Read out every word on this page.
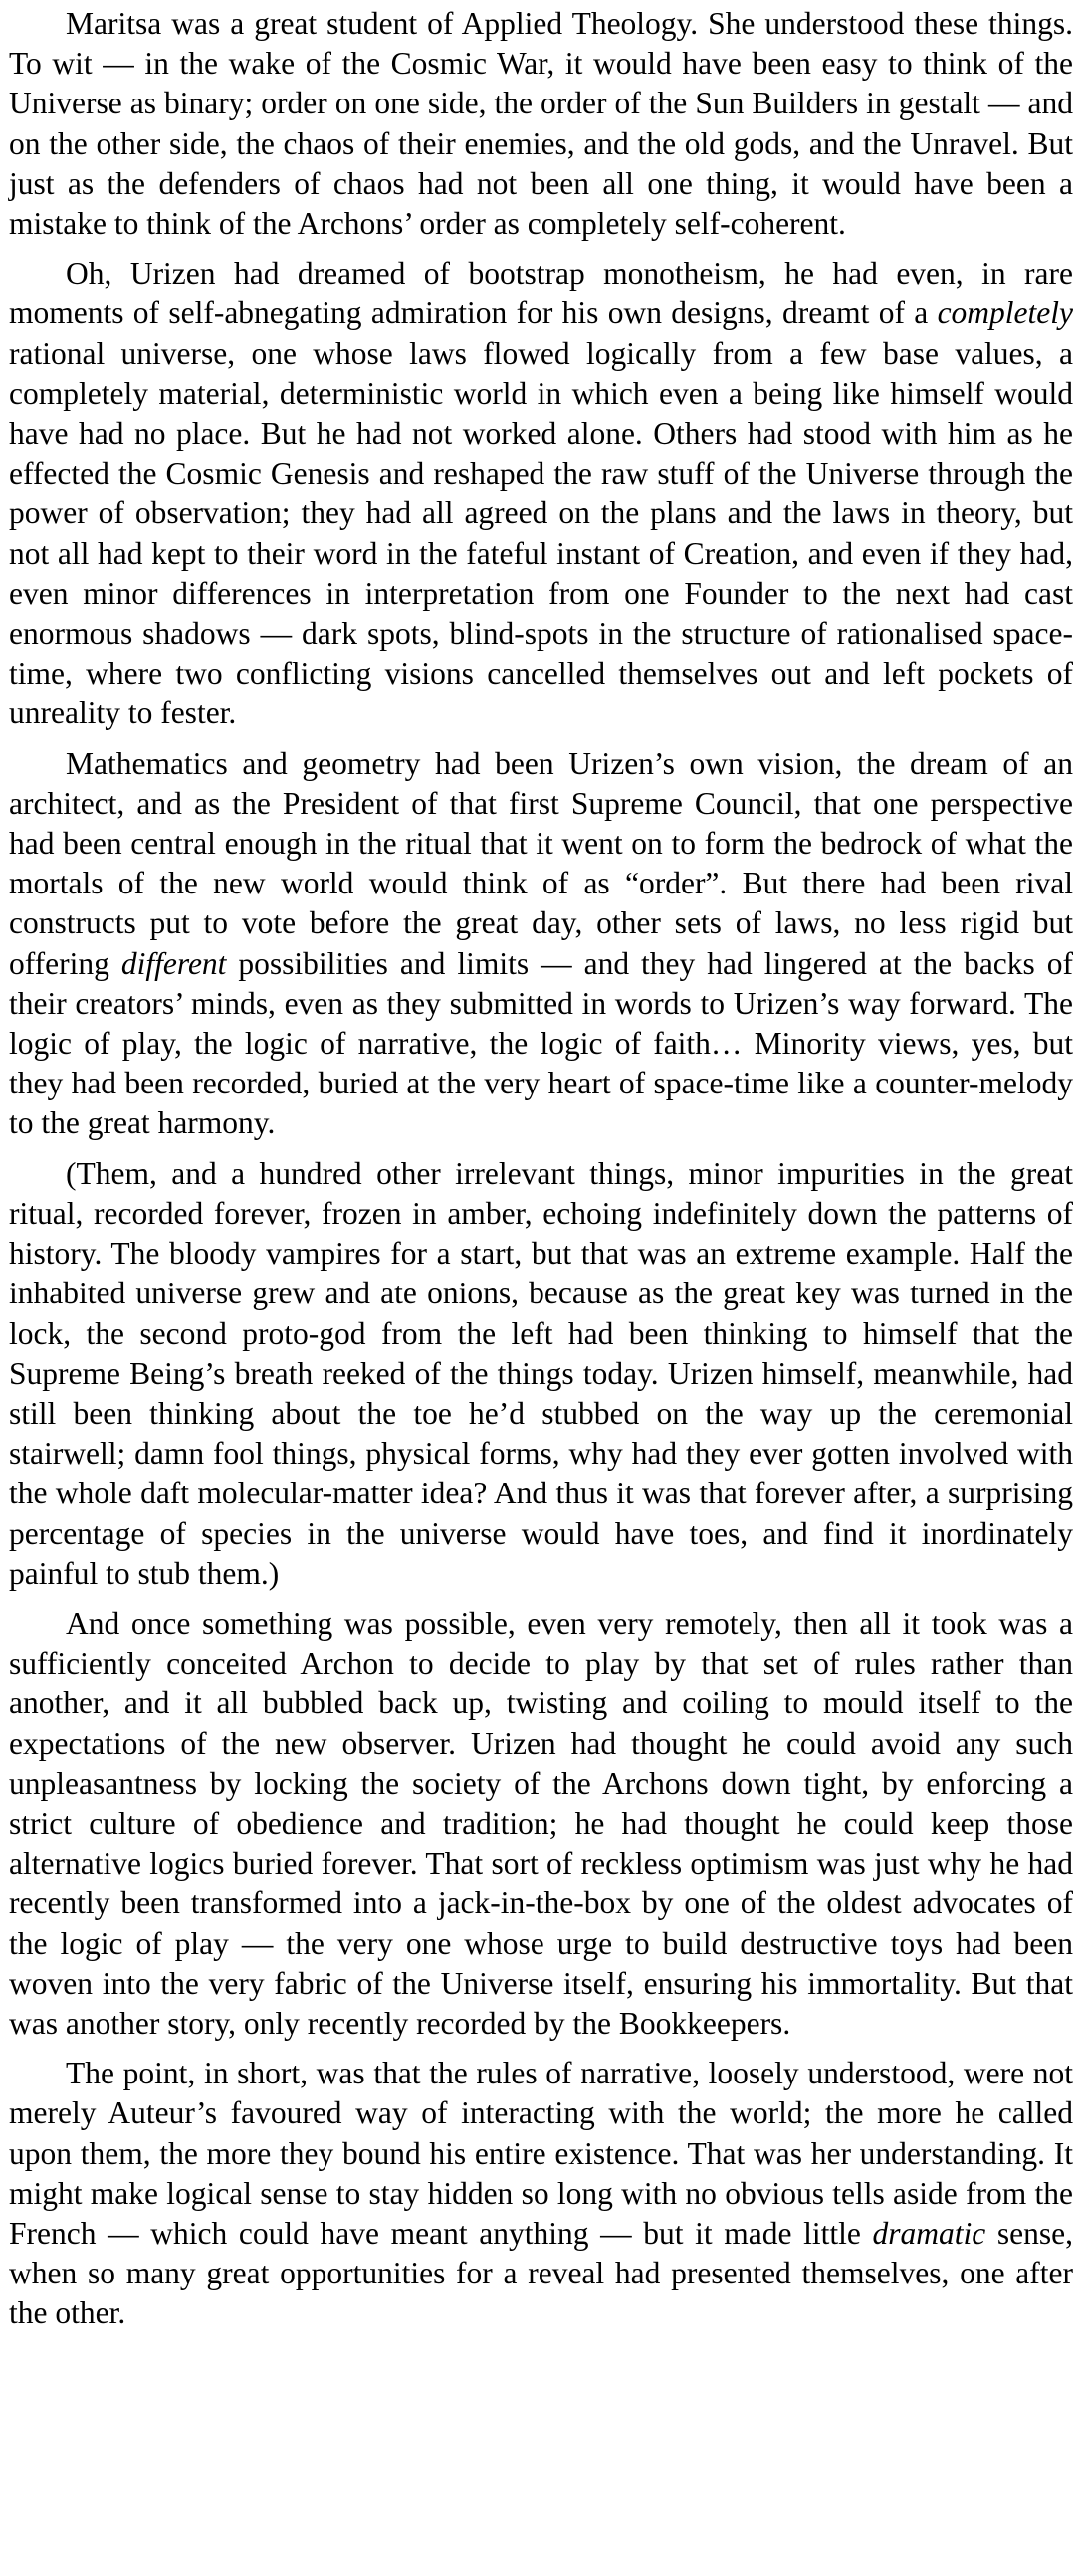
Maritsa was a great student of Applied Theology. She understood these things. To wit — in the wake of the Cosmic War, it would have been easy to think of the Universe as binary; order on one side, the order of the Sun Builders in gestalt — and on the other side, the chaos of their enemies, and the old gods, and the Unravel. But just as the defenders of chaos had not been all one thing, it would have been a mistake to think of the Archons’ order as completely self-coherent.

Oh, Urizen had dreamed of bootstrap monotheism, he had even, in rare moments of self-abnegating admiration for his own designs, dreamt of a completely rational universe, one whose laws flowed logically from a few base values, a completely material, deterministic world in which even a being like himself would have had no place. But he had not worked alone. Others had stood with him as he effected the Cosmic Genesis and reshaped the raw stuff of the Universe through the power of observation; they had all agreed on the plans and the laws in theory, but not all had kept to their word in the fateful instant of Creation, and even if they had, even minor differences in interpretation from one Founder to the next had cast enormous shadows — dark spots, blind-spots in the structure of rationalised space-time, where two conflicting visions cancelled themselves out and left pockets of unreality to fester.

Mathematics and geometry had been Urizen’s own vision, the dream of an architect, and as the President of that first Supreme Council, that one perspective had been central enough in the ritual that it went on to form the bedrock of what the mortals of the new world would think of as “order”. But there had been rival constructs put to vote before the great day, other sets of laws, no less rigid but offering different possibilities and limits — and they had lingered at the backs of their creators’ minds, even as they submitted in words to Urizen’s way forward. The logic of play, the logic of narrative, the logic of faith… Minority views, yes, but they had been recorded, buried at the very heart of space-time like a counter-melody to the great harmony.

(Them, and a hundred other irrelevant things, minor impurities in the great ritual, recorded forever, frozen in amber, echoing indefinitely down the patterns of history. The bloody vampires for a start, but that was an extreme example. Half the inhabited universe grew and ate onions, because as the great key was turned in the lock, the second proto-god from the left had been thinking to himself that the Supreme Being’s breath reeked of the things today. Urizen himself, meanwhile, had still been thinking about the toe he’d stubbed on the way up the ceremonial stairwell; damn fool things, physical forms, why had they ever gotten involved with the whole daft molecular-matter idea? And thus it was that forever after, a surprising percentage of species in the universe would have toes, and find it inordinately painful to stub them.)

And once something was possible, even very remotely, then all it took was a sufficiently conceited Archon to decide to play by that set of rules rather than another, and it all bubbled back up, twisting and coiling to mould itself to the expectations of the new observer. Urizen had thought he could avoid any such unpleasantness by locking the society of the Archons down tight, by enforcing a strict culture of obedience and tradition; he had thought he could keep those alternative logics buried forever. That sort of reckless optimism was just why he had recently been transformed into a jack-in-the-box by one of the oldest advocates of the logic of play — the very one whose urge to build destructive toys had been woven into the very fabric of the Universe itself, ensuring his immortality. But that was another story, only recently recorded by the Bookkeepers.

The point, in short, was that the rules of narrative, loosely understood, were not merely Auteur’s favoured way of interacting with the world; the more he called upon them, the more they bound his entire existence. That was her understanding. It might make logical sense to stay hidden so long with no obvious tells aside from the French — which could have meant anything — but it made little dramatic sense, when so many great opportunities for a reveal had presented themselves, one after the other.
